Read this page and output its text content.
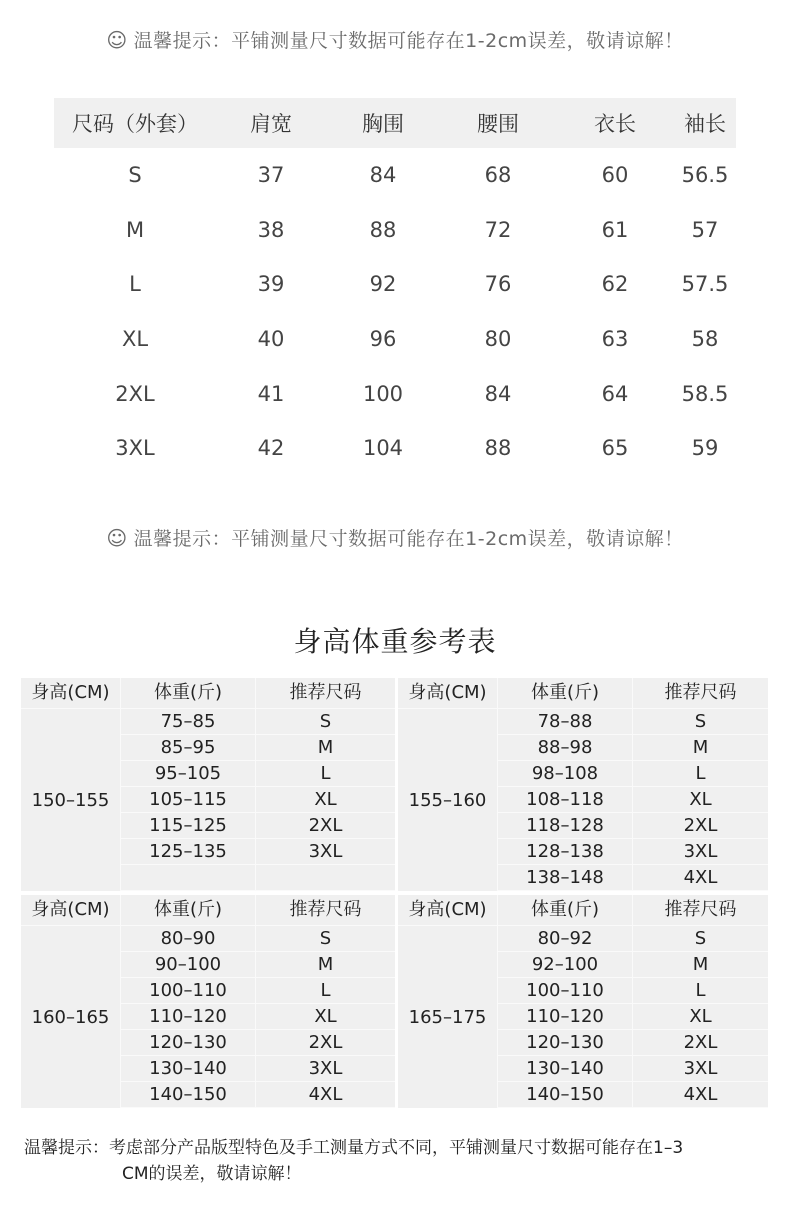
☺ 温馨提示：平铺测量尺寸数据可能存在1-2cm误差，敬请谅解！
尺码（外套）	肩宽	胸围	腰围	衣长	袖长
S	37	84	68	60	56.5
M	38	88	72	61	57
L	39	92	76	62	57.5
XL	40	96	80	63	58
2XL	41	100	84	64	58.5
3XL	42	104	88	65	59
☺ 温馨提示：平铺测量尺寸数据可能存在1-2cm误差，敬请谅解！
身高体重参考表
身高(CM)	体重(斤)	推荐尺码
150–155	75–85	S
	85–95	M
	95–105	L
	105–115	XL
	115–125	2XL
	125–135	3XL

身高(CM)	体重(斤)	推荐尺码
155–160	78–88	S
	88–98	M
	98–108	L
	108–118	XL
	118–128	2XL
	128–138	3XL
	138–148	4XL
身高(CM)	体重(斤)	推荐尺码
160–165	80–90	S
	90–100	M
	100–110	L
	110–120	XL
	120–130	2XL
	130–140	3XL
	140–150	4XL
身高(CM)	体重(斤)	推荐尺码
165–175	80–92	S
	92–100	M
	100–110	L
	110–120	XL
	120–130	2XL
	130–140	3XL
	140–150	4XL
温馨提示：考虑部分产品版型特色及手工测量方式不同，平铺测量尺寸数据可能存在1–3
CM的误差，敬请谅解！
